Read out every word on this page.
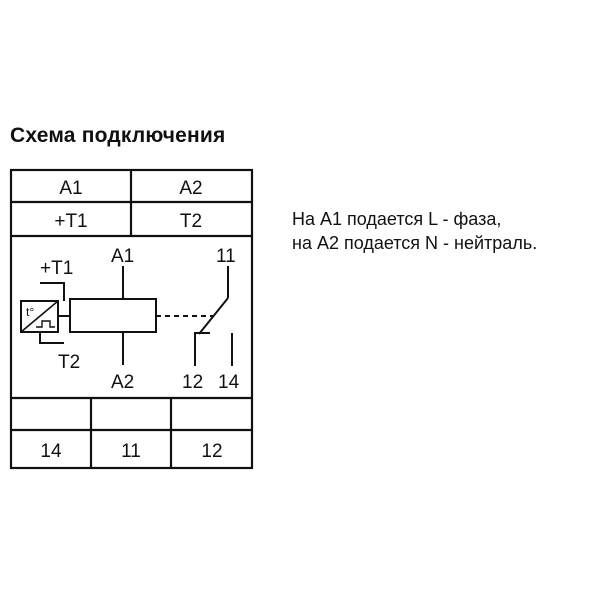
Схема подключения
A1	A2
+T1	T2
14	11	12
+T1
t°
T2
A1
A2
11
12 14
На A1 подается L - фаза,
на A2 подается N - нейтраль.
